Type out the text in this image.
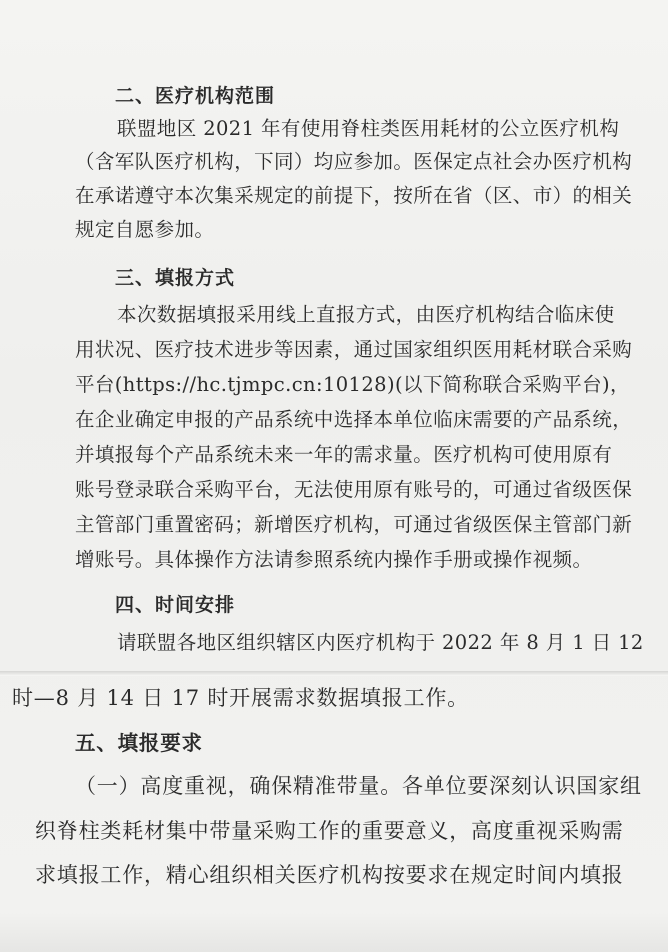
二、医疗机构范围
联盟地区 2021 年有使用脊柱类医用耗材的公立医疗机构
（含军队医疗机构，下同）均应参加。医保定点社会办医疗机构
在承诺遵守本次集采规定的前提下，按所在省（区、市）的相关
规定自愿参加。
三、填报方式
本次数据填报采用线上直报方式，由医疗机构结合临床使
用状况、医疗技术进步等因素，通过国家组织医用耗材联合采购
平台(https://hc.tjmpc.cn:10128)(以下简称联合采购平台)，
在企业确定申报的产品系统中选择本单位临床需要的产品系统，
并填报每个产品系统未来一年的需求量。医疗机构可使用原有
账号登录联合采购平台，无法使用原有账号的，可通过省级医保
主管部门重置密码；新增医疗机构，可通过省级医保主管部门新
增账号。具体操作方法请参照系统内操作手册或操作视频。
四、时间安排
请联盟各地区组织辖区内医疗机构于 2022 年 8 月 1 日 12
时—8 月 14 日 17 时开展需求数据填报工作。
五、填报要求
（一）高度重视，确保精准带量。各单位要深刻认识国家组
织脊柱类耗材集中带量采购工作的重要意义，高度重视采购需
求填报工作，精心组织相关医疗机构按要求在规定时间内填报
